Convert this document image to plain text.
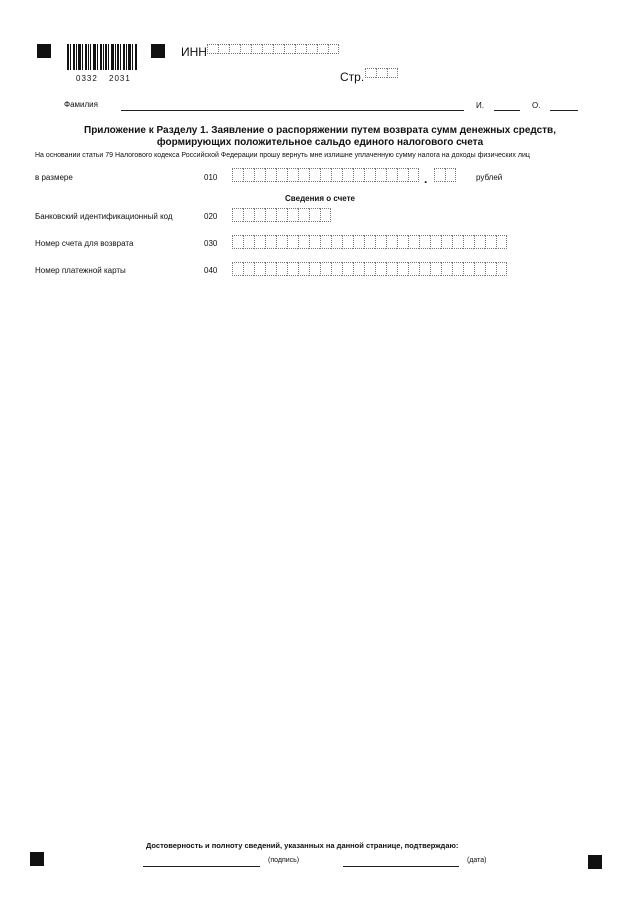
0332 2031
ИНН
Стр.
Фамилия	И.	О.
Приложение к Разделу 1. Заявление о распоряжении путем возврата сумм денежных средств,
формирующих положительное сальдо единого налогового счета
На основании статьи 79 Налогового кодекса Российской Федерации прошу вернуть мне излишне уплаченную сумму налога на доходы физических лиц
в размере	010	.	рублей
Сведения о счете
Банковский идентификационный код	020
Номер счета для возврата	030
Номер платежной карты	040
Достоверность и полноту сведений, указанных на данной странице, подтверждаю:
(подпись)	(дата)
